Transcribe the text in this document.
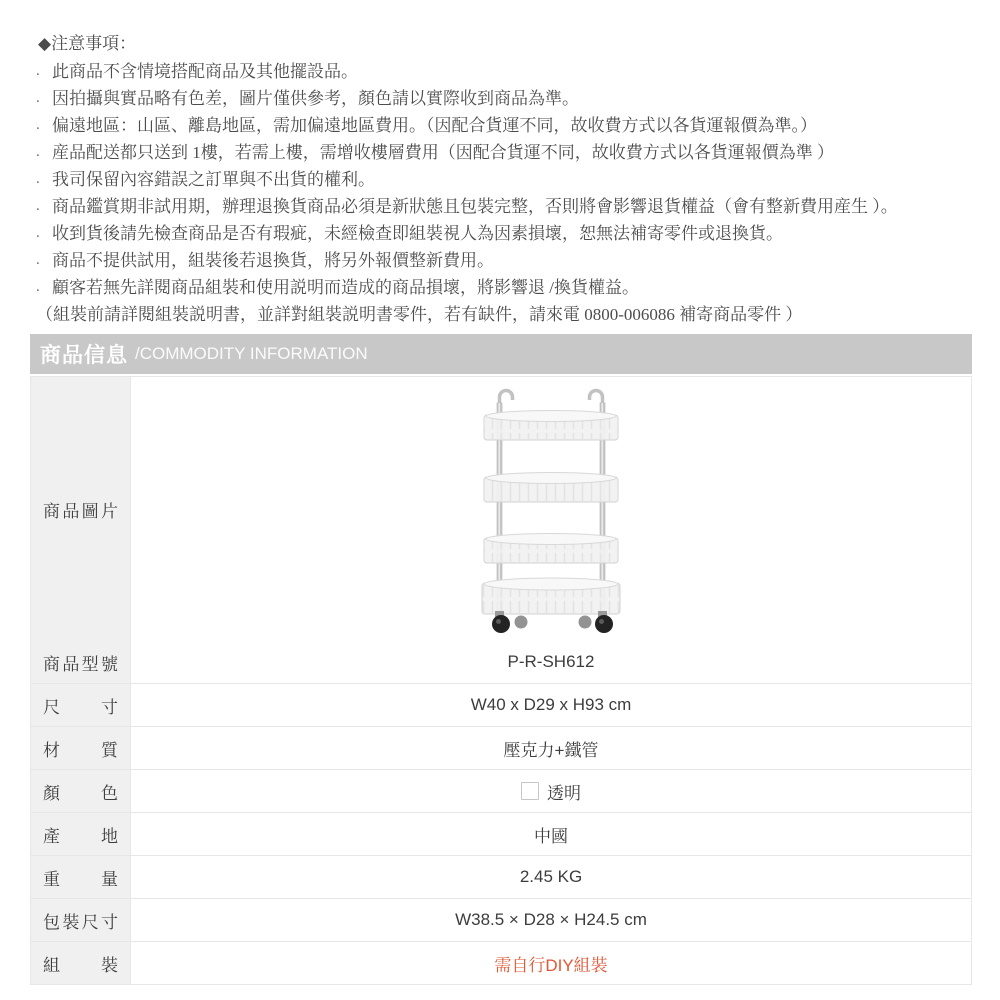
◆注意事項：
. 此商品不含情境搭配商品及其他擺設品。
. 因拍攝與實品略有色差，圖片僅供參考，顏色請以實際收到商品為準。
. 偏遠地區：山區、離島地區，需加偏遠地區費用。（因配合貨運不同，故收費方式以各貨運報價為準。）
. 産品配送都只送到 1樓，若需上樓，需增收樓層費用（因配合貨運不同，故收費方式以各貨運報價為準 ）
. 我司保留內容錯誤之訂單與不出貨的權利。
. 商品鑑賞期非試用期，辦理退換貨商品必須是新狀態且包裝完整，否則將會影響退貨權益（會有整新費用産生 ）。
. 收到貨後請先檢查商品是否有瑕疵，未經檢查即組裝視人為因素損壞，恕無法補寄零件或退換貨。
. 商品不提供試用，組裝後若退換貨，將另外報價整新費用。
. 顧客若無先詳閱商品組裝和使用説明而造成的商品損壞，將影響退 /換貨權益。
（組裝前請詳閱組裝説明書，並詳對組裝説明書零件，若有缺件，請來電 0800-006086 補寄商品零件 ）
商品信息 /COMMODITY INFORMATION
商品圖片
商品型號	P-R-SH612
尺寸	W40 x D29 x H93 cm
材質	壓克力+鐵管
顏色	透明
產地	中國
重量	2.45 KG
包裝尺寸	W38.5 × D28 × H24.5 cm
組裝	需自行DIY組裝
